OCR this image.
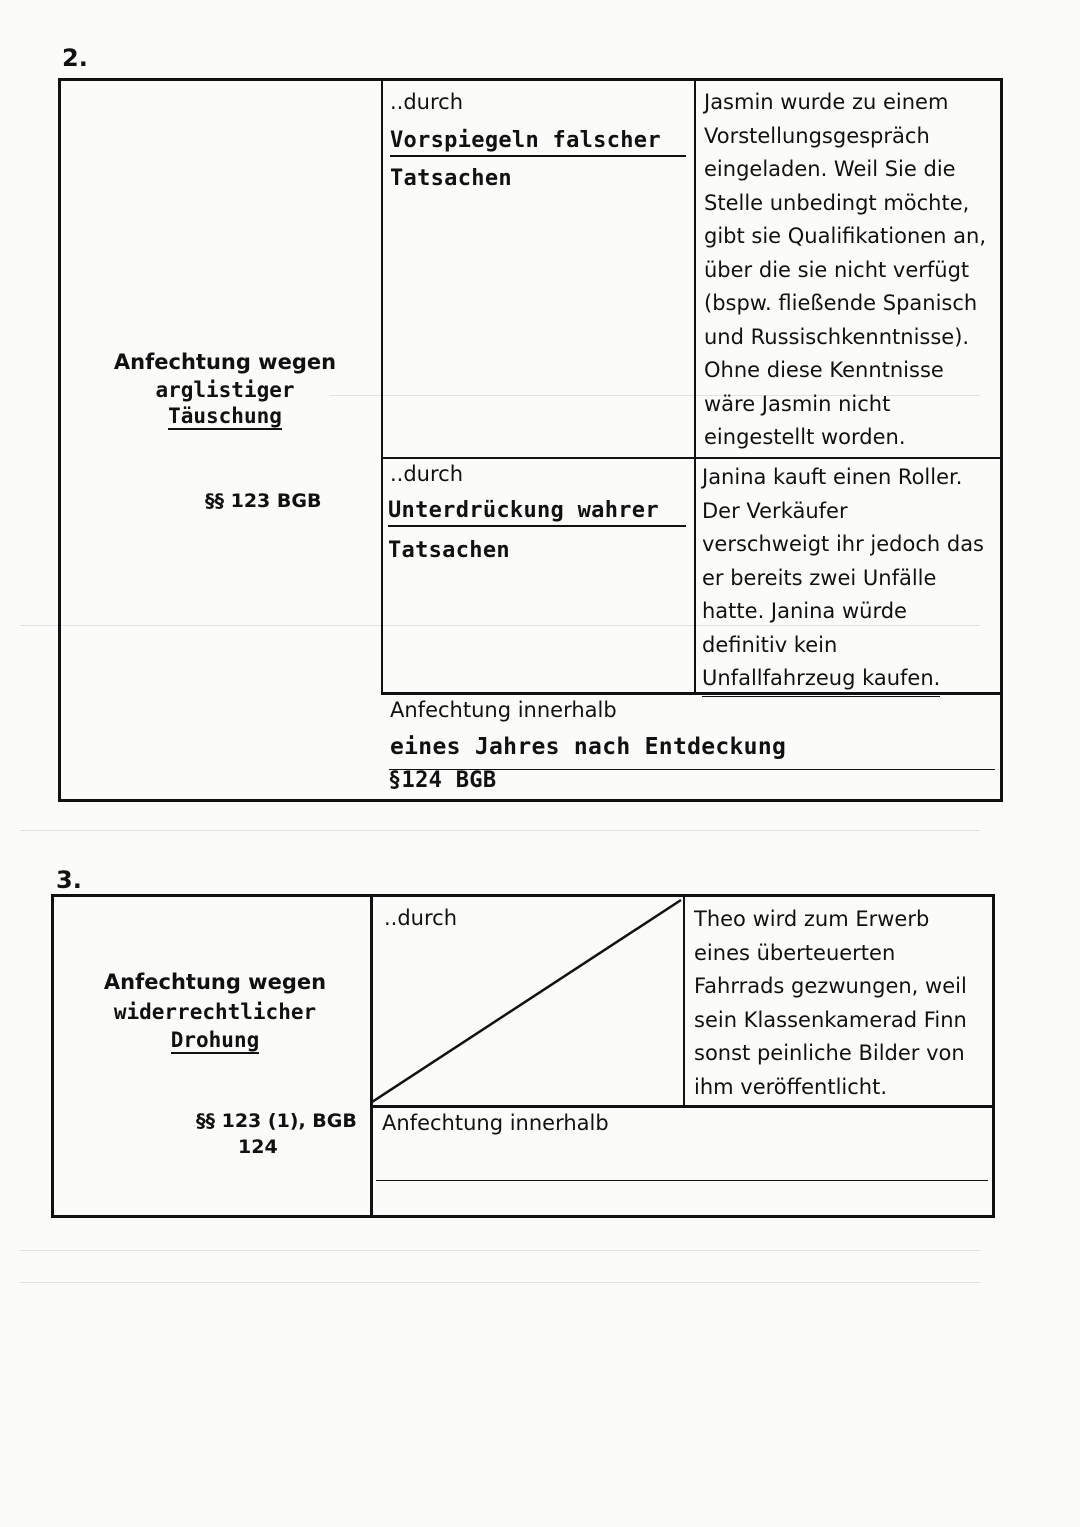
2.
Anfechtung wegen
arglistiger
Täuschung
§§ 123 BGB
..durch
Vorspiegeln falscher
Tatsachen
Jasmin wurde zu einem
Vorstellungsgespräch
eingeladen. Weil Sie die
Stelle unbedingt möchte,
gibt sie Qualifikationen an,
über die sie nicht verfügt
(bspw. fließende Spanisch
und Russischkenntnisse).
Ohne diese Kenntnisse
wäre Jasmin nicht
eingestellt worden.
..durch
Unterdrückung wahrer
Tatsachen
Janina kauft einen Roller.
Der Verkäufer
verschweigt ihr jedoch das
er bereits zwei Unfälle
hatte. Janina würde
definitiv kein
Unfallfahrzeug kaufen.
Anfechtung innerhalb
eines Jahres nach Entdeckung
§124 BGB
3.
Anfechtung wegen
widerrechtlicher
Drohung
§§ 123 (1), BGB
124
..durch	Theo wird zum Erwerb
eines überteuerten
Fahrrads gezwungen, weil
sein Klassenkamerad Finn
sonst peinliche Bilder von
ihm veröffentlicht.
Anfechtung innerhalb
